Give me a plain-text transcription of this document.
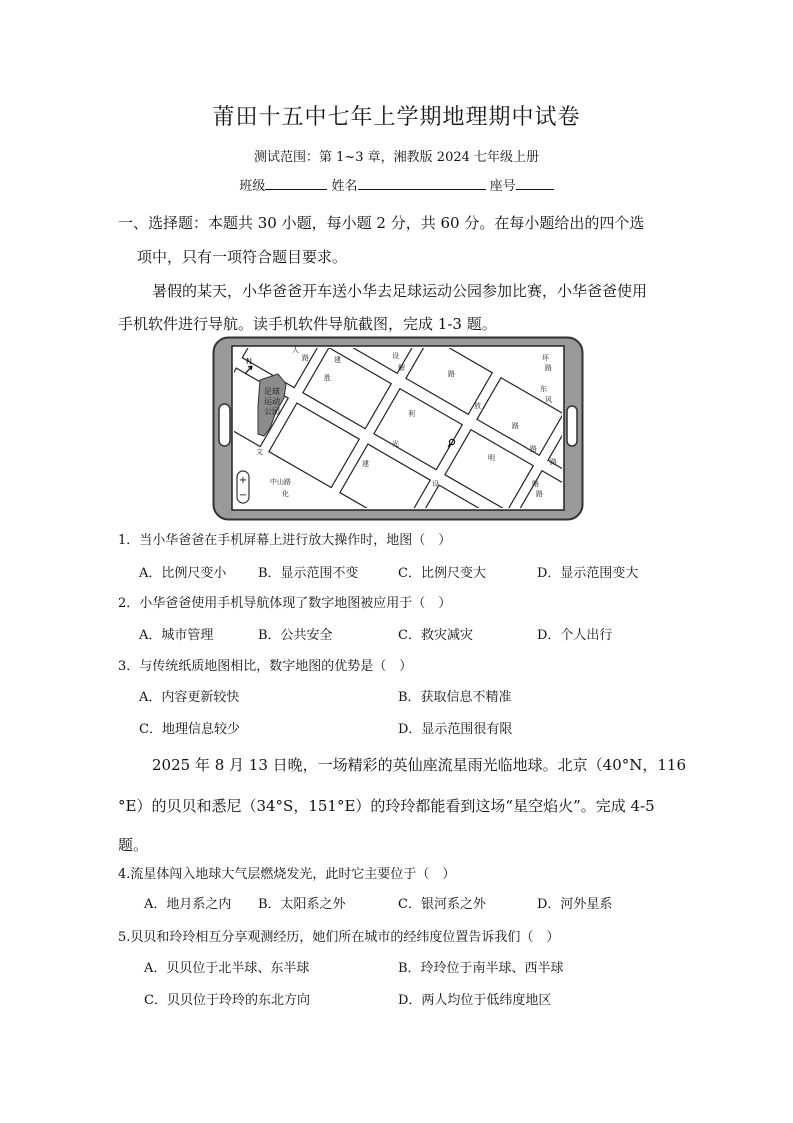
莆田十五中七年上学期地理期中试卷
测试范围：第 1~3 章，湘教版 2024 七年级上册
班级	姓名	座号
一、选择题：本题共 30 小题，每小题 2 分，共 60 分。在每小题给出的四个选
项中，只有一项符合题目要求。
暑假的某天，小华爸爸开车送小华去足球运动公园参加比赛，小华爸爸使用
手机软件进行导航。读手机软件导航截图，完成 1-3 题。
足球
运动
公园
N
+
−
环
路
解
放
路
胜
利
路
东
风
路
建
设	路
中山路
建	设
路
光
明
路
文
化
路
人
1．当小华爸爸在手机屏幕上进行放大操作时，地图（　）
A．比例尺变小 B．显示范围不变	C．比例尺变大	D．显示范围变大
2．小华爸爸使用手机导航体现了数字地图被应用于（　）
A．城市管理	B．公共安全	C．救灾减灾	D．个人出行
3．与传统纸质地图相比，数字地图的优势是（　）
A．内容更新较快	B．获取信息不精准
C．地理信息较少	D．显示范围很有限
2025 年 8 月 13 日晚，一场精彩的英仙座流星雨光临地球。北京（40°N，116
°E）的贝贝和悉尼（34°S，151°E）的玲玲都能看到这场“星空焰火”。完成 4-5
题。
4.流星体闯入地球大气层燃烧发光，此时它主要位于（　）
A．地月系之内 B．太阳系之外	C．银河系之外	D．河外星系
5.贝贝和玲玲相互分享观测经历，她们所在城市的经纬度位置告诉我们（　）
A．贝贝位于北半球、东半球	B．玲玲位于南半球、西半球
C．贝贝位于玲玲的东北方向	D．两人均位于低纬度地区
